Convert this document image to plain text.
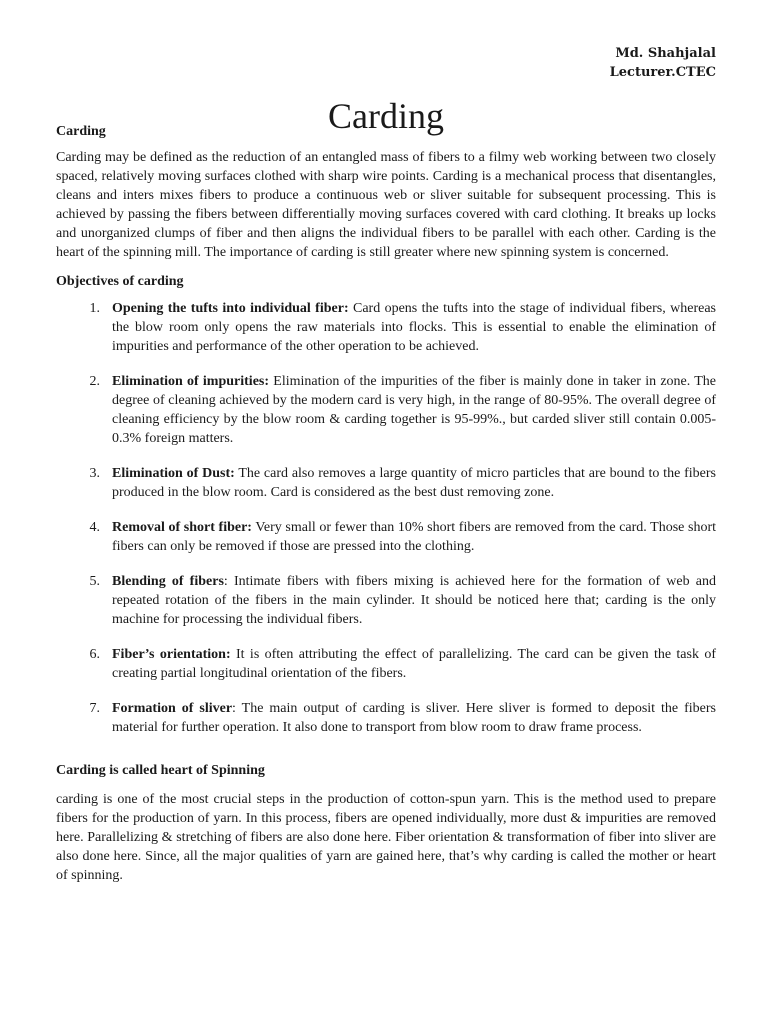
Md. Shahjalal
Lecturer.CTEC
Carding
Carding

Carding may be defined as the reduction of an entangled mass of fibers to a filmy web working between two closely spaced, relatively moving surfaces clothed with sharp wire points. Carding is a mechanical process that disentangles, cleans and inters mixes fibers to produce a continuous web or sliver suitable for subsequent processing. This is achieved by passing the fibers between differentially moving surfaces covered with card clothing. It breaks up locks and unorganized clumps of fiber and then aligns the individual fibers to be parallel with each other. Carding is the heart of the spinning mill. The importance of carding is still greater where new spinning system is concerned.

Objectives of carding
1. Opening the tufts into individual fiber: Card opens the tufts into the stage of individual fibers, whereas the blow room only opens the raw materials into flocks. This is essential to enable the elimination of impurities and performance of the other operation to be achieved.
2. Elimination of impurities: Elimination of the impurities of the fiber is mainly done in taker in zone. The degree of cleaning achieved by the modern card is very high, in the range of 80-95%. The overall degree of cleaning efficiency by the blow room & carding together is 95-99%., but carded sliver still contain 0.005-0.3% foreign matters.
3. Elimination of Dust: The card also removes a large quantity of micro particles that are bound to the fibers produced in the blow room. Card is considered as the best dust removing zone.
4. Removal of short fiber: Very small or fewer than 10% short fibers are removed from the card. Those short fibers can only be removed if those are pressed into the clothing.
5. Blending of fibers: Intimate fibers with fibers mixing is achieved here for the formation of web and repeated rotation of the fibers in the main cylinder. It should be noticed here that; carding is the only machine for processing the individual fibers.
6. Fiber’s orientation: It is often attributing the effect of parallelizing. The card can be given the task of creating partial longitudinal orientation of the fibers.
7. Formation of sliver: The main output of carding is sliver. Here sliver is formed to deposit the fibers material for further operation. It also done to transport from blow room to draw frame process.
Carding is called heart of Spinning

carding is one of the most crucial steps in the production of cotton-spun yarn. This is the method used to prepare fibers for the production of yarn. In this process, fibers are opened individually, more dust & impurities are removed here. Parallelizing & stretching of fibers are also done here. Fiber orientation & transformation of fiber into sliver are also done here. Since, all the major qualities of yarn are gained here, that’s why carding is called the mother or heart of spinning.
